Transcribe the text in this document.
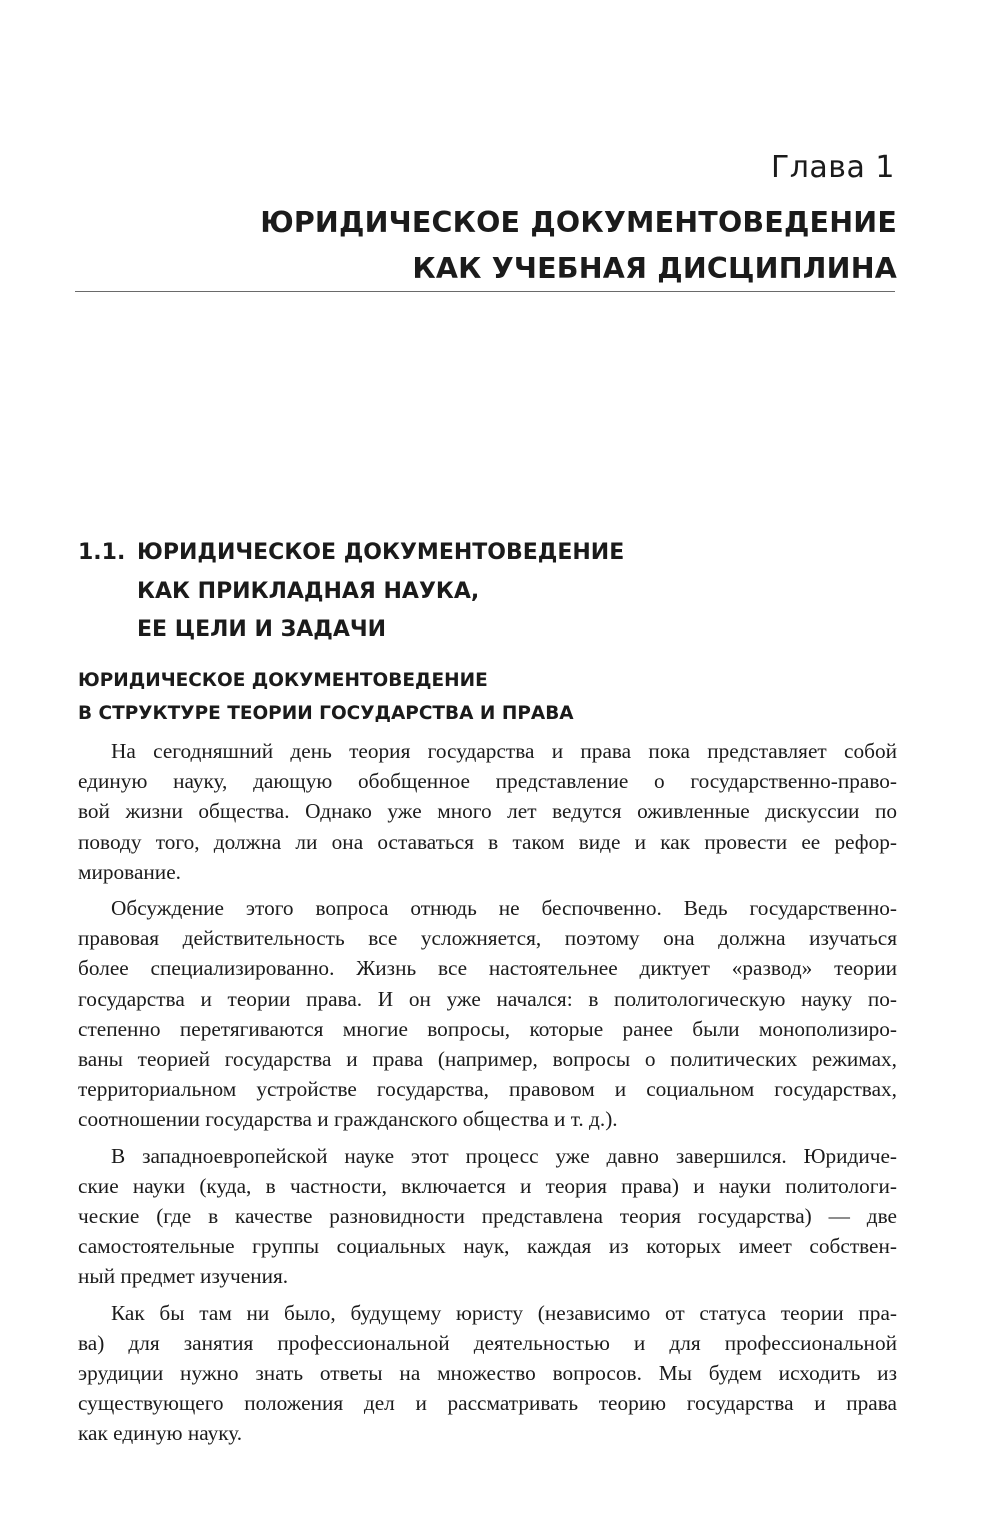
Глава 1
ЮРИДИЧЕСКОЕ ДОКУМЕНТОВЕДЕНИЕ
КАК УЧЕБНАЯ ДИСЦИПЛИНА
1.1. ЮРИДИЧЕСКОЕ ДОКУМЕНТОВЕДЕНИЕ
КАК ПРИКЛАДНАЯ НАУКА,
ЕЕ ЦЕЛИ И ЗАДАЧИ
ЮРИДИЧЕСКОЕ ДОКУМЕНТОВЕДЕНИЕ
В СТРУКТУРЕ ТЕОРИИ ГОСУДАРСТВА И ПРАВА

На сегодняшний день теория государства и права пока представляет собой
единую науку, дающую обобщенное представление о государственно-право-
вой жизни общества. Однако уже много лет ведутся оживленные дискуссии по
поводу того, должна ли она оставаться в таком виде и как провести ее рефор-
мирование.

Обсуждение этого вопроса отнюдь не беспочвенно. Ведь государственно-
правовая действительность все усложняется, поэтому она должна изучаться
более специализированно. Жизнь все настоятельнее диктует «развод» теории
государства и теории права. И он уже начался: в политологическую науку по-
степенно перетягиваются многие вопросы, которые ранее были монополизиро-
ваны теорией государства и права (например, вопросы о политических режимах,
территориальном устройстве государства, правовом и социальном государствах,
соотношении государства и гражданского общества и т. д.).

В западноевропейской науке этот процесс уже давно завершился. Юридиче-
ские науки (куда, в частности, включается и теория права) и науки политологи-
ческие (где в качестве разновидности представлена теория государства) — две
самостоятельные группы социальных наук, каждая из которых имеет собствен-
ный предмет изучения.

Как бы там ни было, будущему юристу (независимо от статуса теории пра-
ва) для занятия профессиональной деятельностью и для профессиональной
эрудиции нужно знать ответы на множество вопросов. Мы будем исходить из
существующего положения дел и рассматривать теорию государства и права
как единую науку.
